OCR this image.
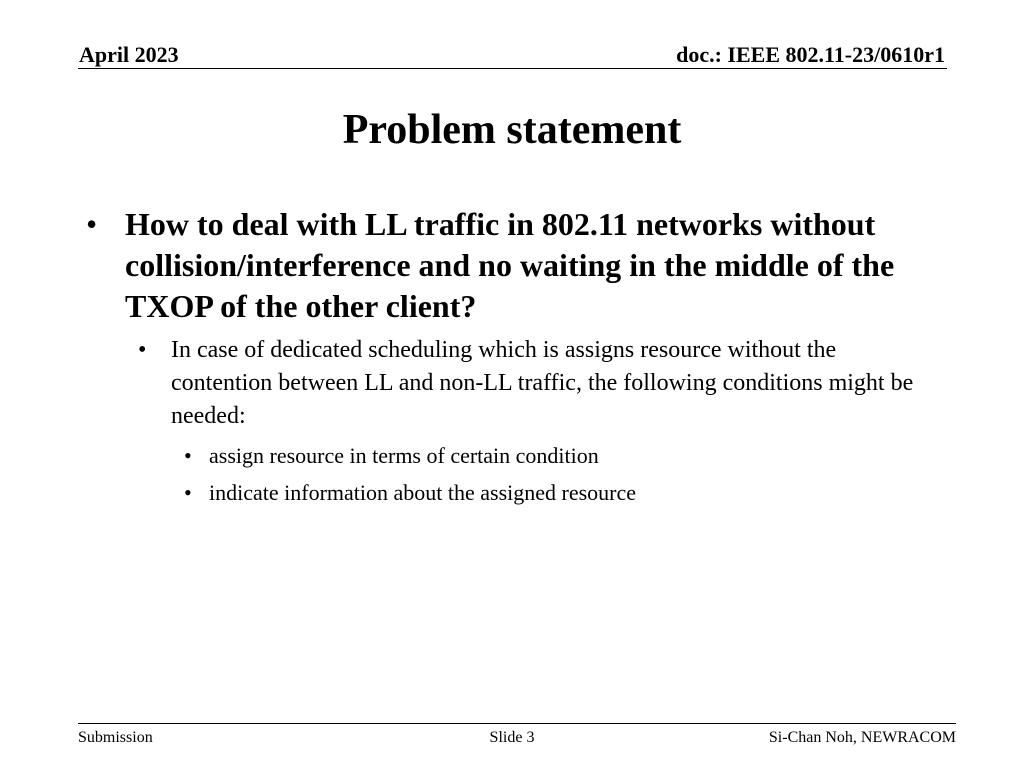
April 2023	doc.: IEEE 802.11-23/0610r1
Problem statement
• How to deal with LL traffic in 802.11 networks without collision/interference and no waiting in the middle of the TXOP of the other client?
• In case of dedicated scheduling which is assigns resource without the contention between LL and non-LL traffic, the following conditions might be needed:
• assign resource in terms of certain condition
• indicate information about the assigned resource
Submission	Slide 3	Si-Chan Noh, NEWRACOM
